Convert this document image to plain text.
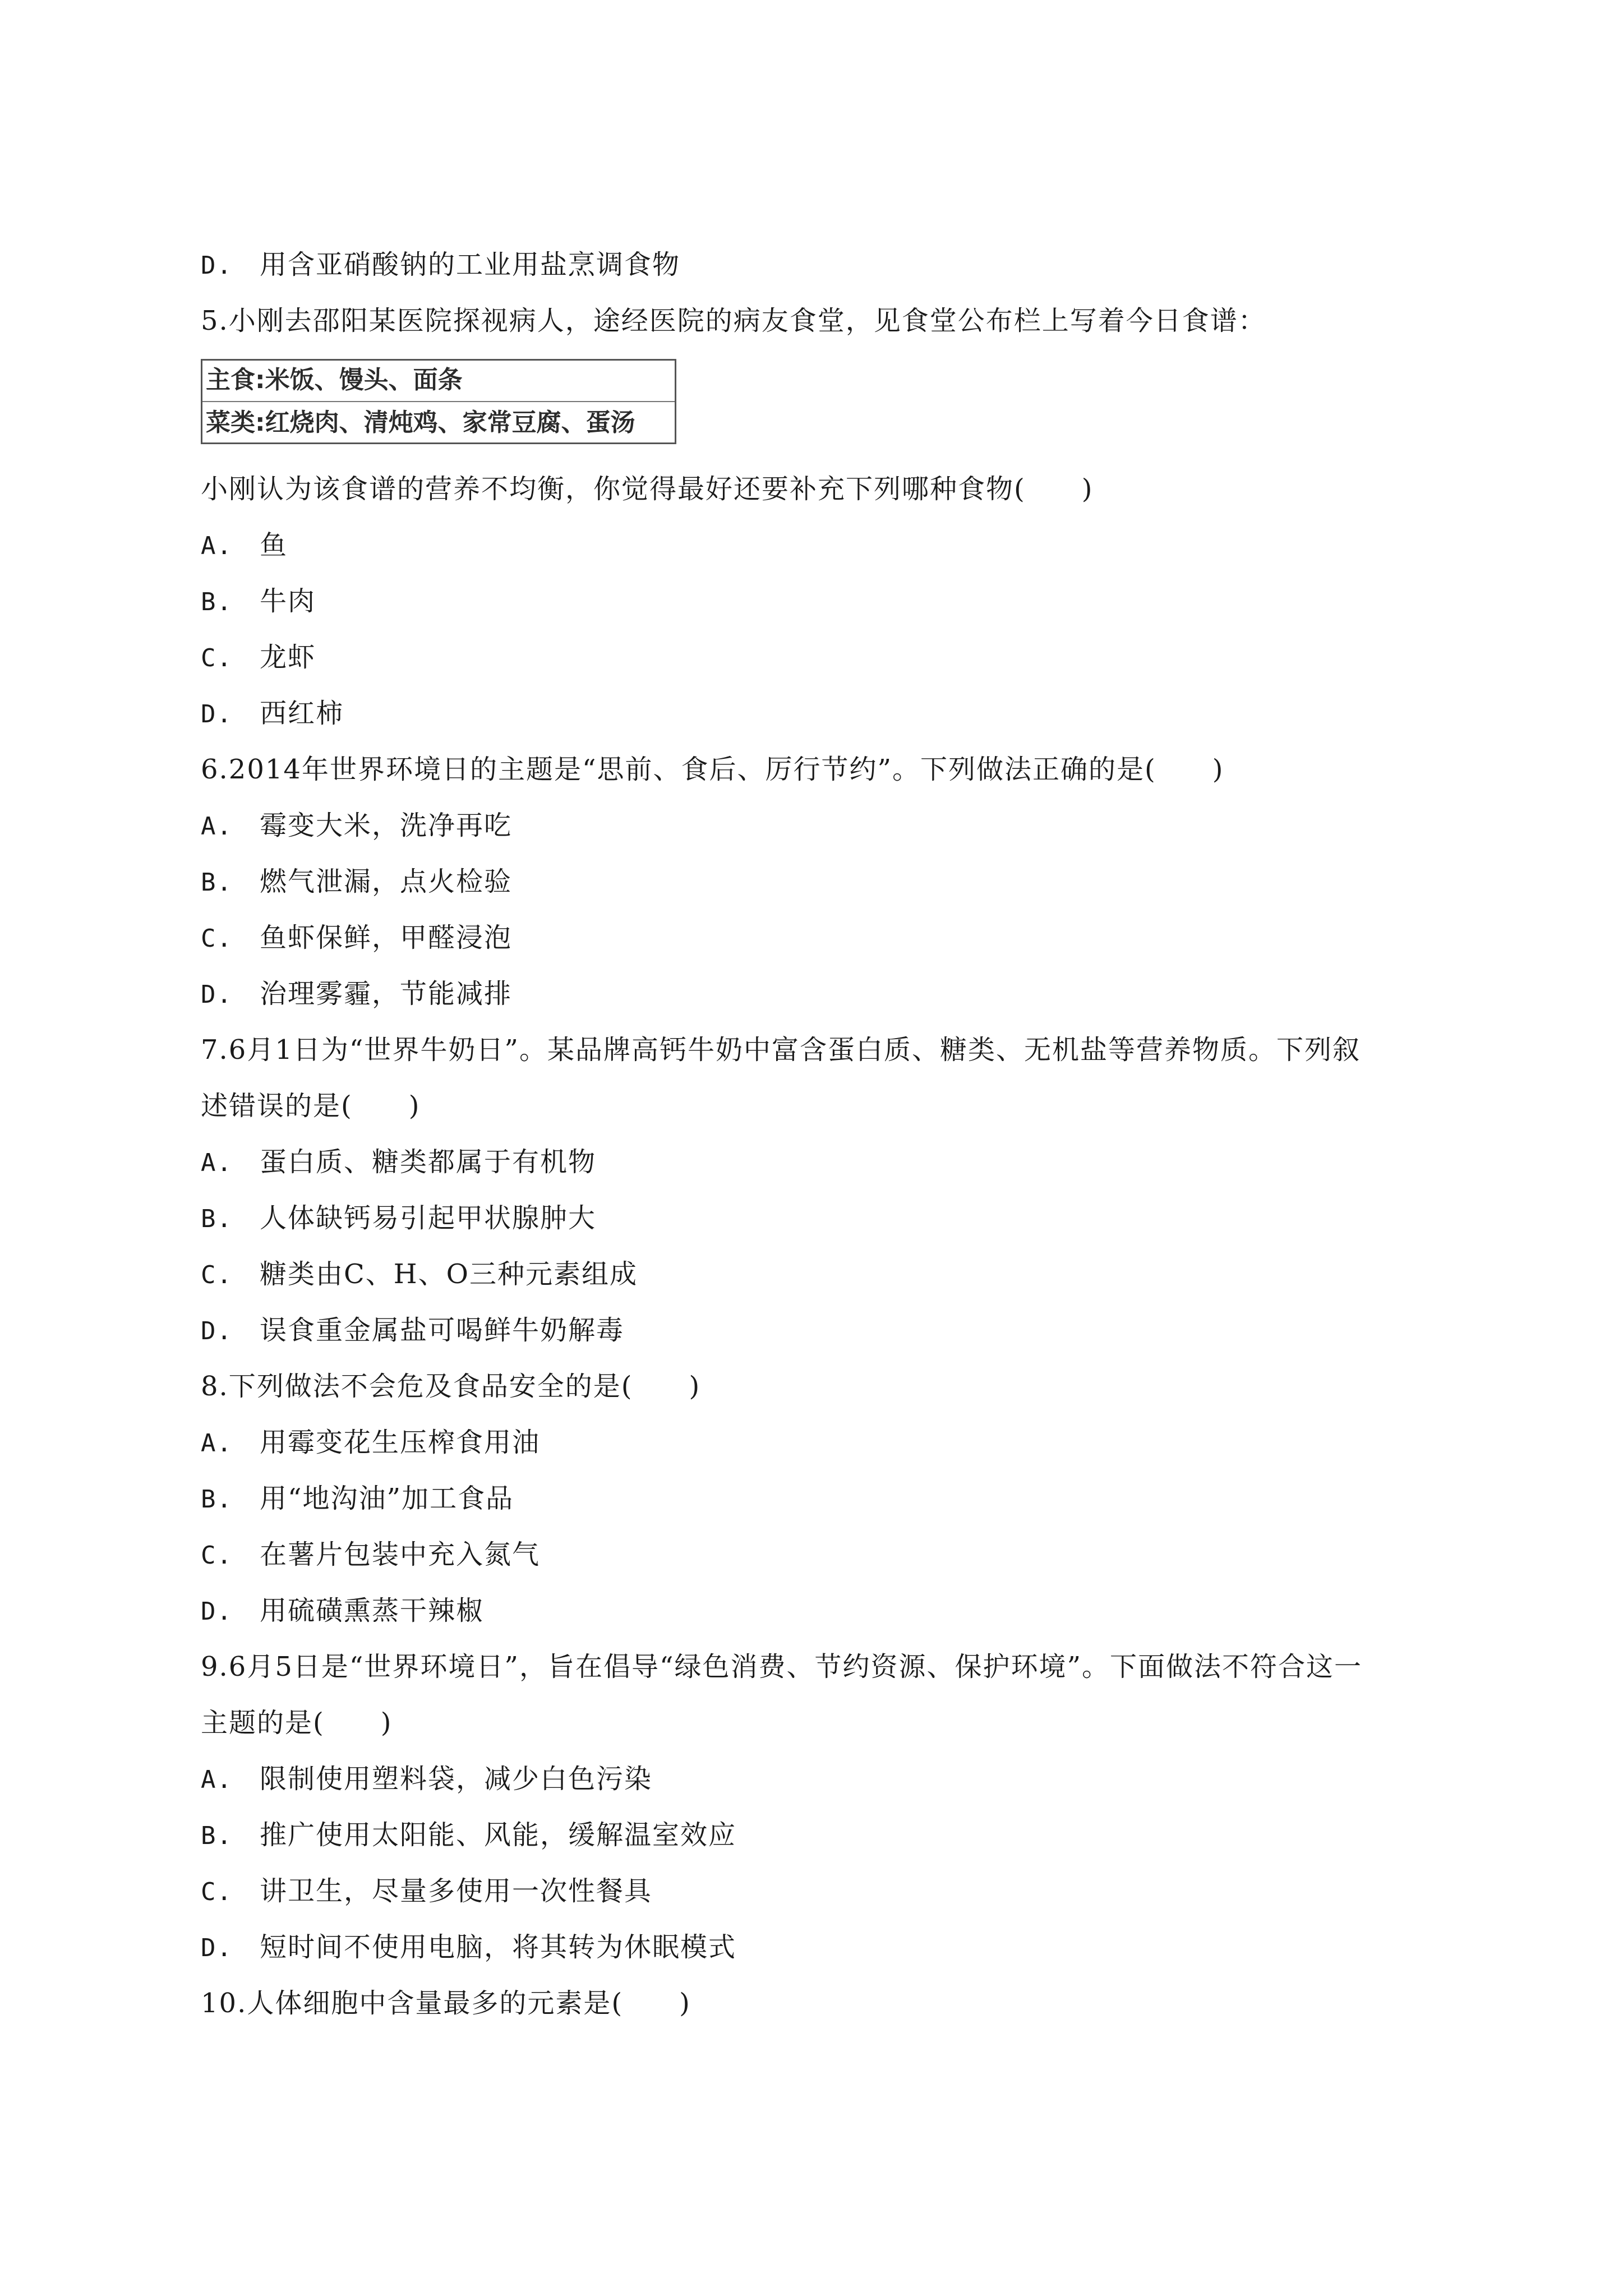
D. 用含亚硝酸钠的工业用盐烹调食物
5.小刚去邵阳某医院探视病人，途经医院的病友食堂，见食堂公布栏上写着今日食谱：
主食:米饭、馒头、面条
菜类:红烧肉、清炖鸡、家常豆腐、蛋汤
小刚认为该食谱的营养不均衡，你觉得最好还要补充下列哪种食物(　　)
A. 鱼
B. 牛肉
C. 龙虾
D. 西红柿
6.2014年世界环境日的主题是“思前、食后、厉行节约”。下列做法正确的是(　　)
A. 霉变大米，洗净再吃
B. 燃气泄漏，点火检验
C. 鱼虾保鲜，甲醛浸泡
D. 治理雾霾，节能减排
7.6月1日为“世界牛奶日”。某品牌高钙牛奶中富含蛋白质、糖类、无机盐等营养物质。下列叙
述错误的是(　　)
A. 蛋白质、糖类都属于有机物
B. 人体缺钙易引起甲状腺肿大
C. 糖类由C、H、O三种元素组成
D. 误食重金属盐可喝鲜牛奶解毒
8.下列做法不会危及食品安全的是(　　)
A. 用霉变花生压榨食用油
B. 用“地沟油”加工食品
C. 在薯片包装中充入氮气
D. 用硫磺熏蒸干辣椒
9.6月5日是“世界环境日”，旨在倡导“绿色消费、节约资源、保护环境”。下面做法不符合这一
主题的是(　　)
A. 限制使用塑料袋，减少白色污染
B. 推广使用太阳能、风能，缓解温室效应
C. 讲卫生，尽量多使用一次性餐具
D. 短时间不使用电脑，将其转为休眠模式
10.人体细胞中含量最多的元素是(　　)
